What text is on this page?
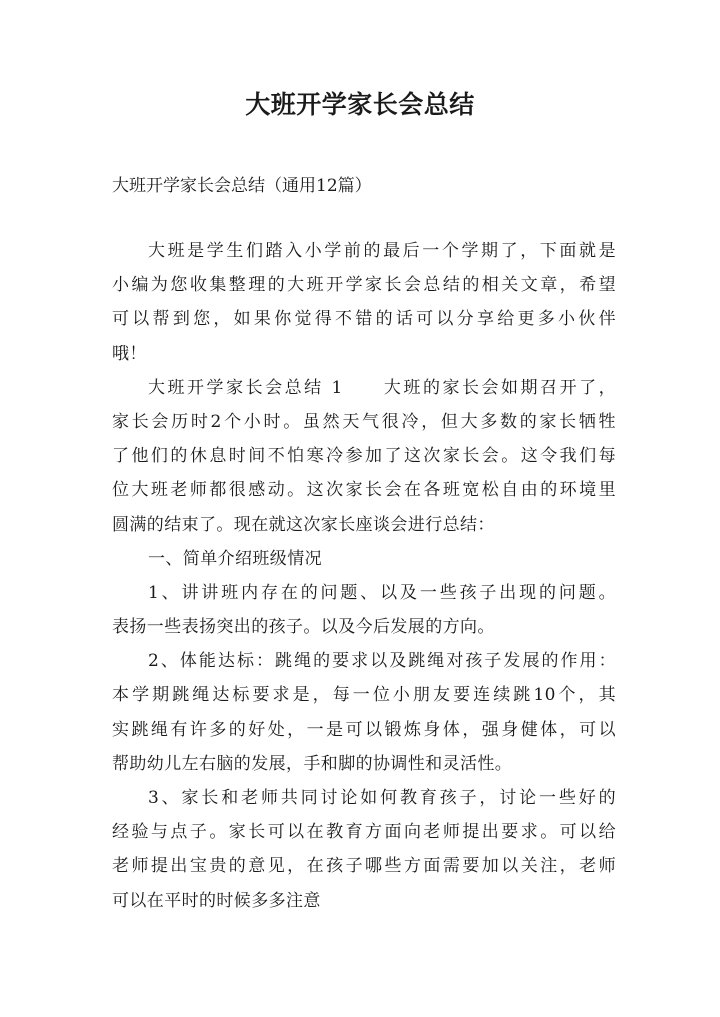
大班开学家长会总结
大班开学家长会总结（通用12篇）
大班是学生们踏入小学前的最后一个学期了，下面就是
小编为您收集整理的大班开学家长会总结的相关文章，希望
可以帮到您，如果你觉得不错的话可以分享给更多小伙伴
哦！
大班开学家长会总结 1　　大班的家长会如期召开了，
家长会历时2个小时。虽然天气很冷，但大多数的家长牺牲
了他们的休息时间不怕寒冷参加了这次家长会。这令我们每
位大班老师都很感动。这次家长会在各班宽松自由的环境里
圆满的结束了。现在就这次家长座谈会进行总结：
一、简单介绍班级情况
1、讲讲班内存在的问题、以及一些孩子出现的问题。
表扬一些表扬突出的孩子。以及今后发展的方向。
2、体能达标：跳绳的要求以及跳绳对孩子发展的作用：
本学期跳绳达标要求是，每一位小朋友要连续跳10个，其
实跳绳有许多的好处，一是可以锻炼身体，强身健体，可以
帮助幼儿左右脑的发展，手和脚的协调性和灵活性。
3、家长和老师共同讨论如何教育孩子，讨论一些好的
经验与点子。家长可以在教育方面向老师提出要求。可以给
老师提出宝贵的意见，在孩子哪些方面需要加以关注，老师
可以在平时的时候多多注意
